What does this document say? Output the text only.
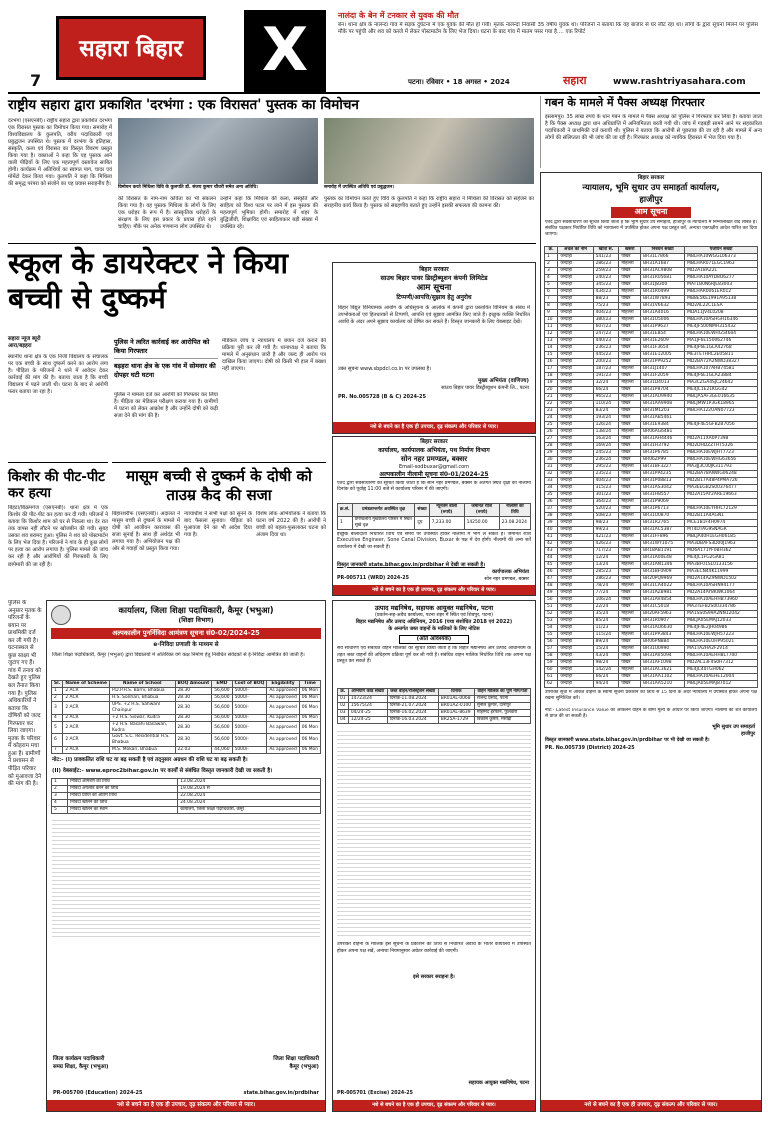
7
सहारा बिहार	X	नालंदा के बेन में टनकार से युवक की मौत
बेन। थाना क्षेत्र के नालन्दा गांव में सड़क दुर्घटना में एक युवक की मौत हो गयी। मृतक नालन्दा निवासी 35 वर्षीय युवक था। परिजनों ने बताया कि वह बाजार से घर लौट रहा था। लोगों के द्वारा सूचना मिलने पर पुलिस मौके पर पहुंची और शव को कब्जे में लेकर पोस्टमार्टम के लिए भेज दिया। घटना के बाद गांव में मातम पसर गया है.... एक रिपोर्ट
पटना। रविवार • 18 अगस्त • 2024	सहारा	www.rashtriyasahara.com
राष्ट्रीय सहारा द्वारा प्रकाशित 'दरभंगा : एक विरासत' पुस्तक का विमोचन
दरभंगा (एसएनबी)। राष्ट्रीय सहारा द्वारा प्रकाशित दरभंगा एक विरासत पुस्तक का विमोचन किया गया। समारोह में विश्वविद्यालय के कुलपति, वरीय पदाधिकारी एवं प्रबुद्धजन उपस्थित थे। पुस्तक में दरभंगा के इतिहास, संस्कृति, कला एवं विरासत का विस्तृत विवरण प्रस्तुत किया गया है। वक्ताओं ने कहा कि यह पुस्तक आने वाली पीढ़ियों के लिए एक महत्वपूर्ण दस्तावेज साबित होगी। कार्यक्रम में अतिथियों का स्वागत पाग, चादर एवं मोमेंटो देकर किया गया। कुलपति ने कहा कि मिथिला की समृद्ध परंपरा को संजोने का यह प्रयास सराहनीय है।
विमोचन करते मिथिला विवि के कुलपति डॉ. संजय कुमार चौधरी समेत अन्य अतिथि।	समारोह में उपस्थित अतिथि एवं प्रबुद्धजन।
की विरासत के नाम-नाम कविता का भी संकलन किया गया है। यह पुस्तक मिथिला के लोगों के लिए एक धरोहर के रूप में है। सांस्कृतिक धरोहरों के संरक्षण के लिए इस प्रकार के प्रयास होते रहने चाहिए। मौके पर अनेक गणमान्य लोग उपस्थित थे।
उन्होंने कहा कि मिथिला की कला, संस्कृति और साहित्य को विश्व पटल पर लाने में इस पुस्तक की महत्वपूर्ण भूमिका होगी। समारोह में शहर के बुद्धिजीवी, शिक्षाविद एवं साहित्यकार बड़ी संख्या में उपस्थित रहे।
पुस्तक का विमोचन करते हुए विवि के कुलपति ने कहा कि राष्ट्रीय सहारा ने मिथिला की विरासत को सहेजने का सराहनीय कार्य किया है। पुस्तक को संग्रहणीय बताते हुए उन्होंने इसकी सफलता की कामना की।
गबन के मामले में पैक्स अध्यक्ष गिरफ्तार
इस्लामपुर। 35 लाख रुपये के धान गबन के मामले में पैक्स अध्यक्ष को पुलिस ने गिरफ्तार कर लिया है। बताया जाता है कि पैक्स अध्यक्ष द्वारा धान अधिप्राप्ति में अनियमितता बरती गयी थी। जांच में गड़बड़ी सामने आने पर सहकारिता पदाधिकारी ने प्राथमिकी दर्ज करायी थी। पुलिस ने बताया कि आरोपी से पूछताछ की जा रही है और मामले में अन्य लोगों की संलिप्तता की भी जांच की जा रही है। गिरफ्तार अध्यक्ष को न्यायिक हिरासत में भेज दिया गया है।
स्कूल के डायरेक्टर ने किया बच्ची से दुष्कर्म
सहारा न्यूज ब्यूरो
आरा/बड़हरा
स्थानीय थाना क्षेत्र के एक निजी विद्यालय के संचालक पर एक बच्ची के साथ दुष्कर्म करने का आरोप लगा है। पीड़िता के परिजनों ने थाने में आवेदन देकर कार्रवाई की मांग की है। बताया जाता है कि बच्ची विद्यालय में पढ़ने जाती थी। घटना के बाद से आरोपी फरार बताया जा रहा है।
पुलिस ने त्वरित कार्रवाई कर आरोपित को किया गिरफ्तार
बड़हरा थाना क्षेत्र के एक गांव में सोमवार की दोपहर घटी घटना
पुलिस ने मामला दर्ज कर आरोपी को गिरफ्तार कर लिया है। पीड़िता का मेडिकल परीक्षण कराया गया है। ग्रामीणों में घटना को लेकर आक्रोश है और उन्होंने दोषी को कड़ी सजा देने की मांग की है।
मेडिकल जांच व न्यायालय में बयान दर्ज कराने की प्रक्रिया पूरी कर ली गयी है। थानाध्यक्ष ने बताया कि मामले में अनुसंधान जारी है और जल्द ही आरोप पत्र दाखिल किया जाएगा। दोषी को किसी भी हाल में बख्शा नहीं जाएगा।
किशोर की पीट-पीट कर हत्या
बिहटा/बिक्रमगंज (एसएनबी)। थाना क्षेत्र में एक किशोर की पीट-पीट कर हत्या कर दी गयी। परिजनों ने बताया कि किशोर शाम को घर से निकला था। देर रात तक वापस नहीं लौटने पर खोजबीन की गयी। सुबह उसका शव बरामद हुआ। पुलिस ने शव को पोस्टमार्टम के लिए भेज दिया है। परिजनों ने गांव के ही कुछ लोगों पर हत्या का आरोप लगाया है। पुलिस मामले की जांच कर रही है और आरोपियों की गिरफ्तारी के लिए छापेमारी की जा रही है।
मासूम बच्ची से दुष्कर्म के दोषी को ताउम्र कैद की सजा
बिहारशरीफ (एसएनबी)। अदालत ने मासूम बच्ची से दुष्कर्म के मामले में दोषी को आजीवन कारावास की सजा सुनाई है। साथ ही अर्थदंड भी लगाया गया है। अभियोजन पक्ष की ओर से गवाहों को प्रस्तुत किया गया।
न्यायाधीश ने सभी पक्षों को सुनने के बाद फैसला सुनाया। पीड़िता को मुआवजा देने का भी आदेश दिया गया है।
विशेष लोक अभियोजक ने बताया कि घटना वर्ष 2022 की है। आरोपी ने बच्ची को बहला-फुसलाकर घटना को अंजाम दिया था।
बिहार सरकार
साउथ बिहार पावर डिस्ट्रीब्यूशन कंपनी लिमिटेड
आम सूचना
टिप्पणी/आपत्ति/सुझाव हेतु अनुरोध
बिहार विद्युत विनियामक आयोग के अधिसूचना के आलोक में कंपनी द्वारा प्रस्तावित विनियम के संबंध में उपभोक्ताओं एवं हितधारकों से टिप्पणी, आपत्ति एवं सुझाव आमंत्रित किए जाते हैं। इच्छुक व्यक्ति निर्धारित अवधि के अंदर अपने सुझाव कार्यालय को प्रेषित कर सकते हैं। विस्तृत जानकारी के लिए वेबसाइट देखें।
उक्त सूचना www.sbpdcl.co.in पर उपलब्ध है।
मुख्य अभियंता (वाणिज्य)
साउथ बिहार पावर डिस्ट्रीब्यूशन कंपनी लि., पटना
PR. No.005728 (B & C) 2024-25
नशे से बचने का है एक ही उपचार, दृढ़ संकल्प और परिवार से प्यार।
बिहार सरकार
कार्यालय, कार्यपालक अभियंता, पथ निर्माण विभाग
सोन नहर प्रमण्डल, बक्सर
Email-sodbuxar@gmail.com
अल्पकालीन नीलामी सूचना सं0-01/2024-25
एतद द्वारा सर्वसाधारण को सूचित किया जाता है कि सोन नहर प्रमण्डल, बक्सर के अंतर्गत स्थित वृक्षों की नीलामी दिनांक को पूर्वाह्न 11:00 बजे से कार्यालय परिसर में की जाएगी।
क्र.सं.	प्रमंडलान्तर्गत अवस्थित वृक्ष	संख्या	न्यूनतम बोली (रुपये)	जमानत राशि (रुपये)	नीलामी की तिथि
1	प्रमण्डलीय मुख्यालय परिसर में स्थित सूखे वृक्ष	दूध	7,233.00	14250.00	23.08.2024
इच्छुक बोलीदाता निर्धारित तिथि एवं समय पर उपस्थित होकर नीलामी में भाग ले सकते हैं। जमानत राशि Executive Engineer, Sone Canal Division, Buxar के पक्ष में देय होगी। नीलामी की अन्य शर्तें कार्यालय में देखी जा सकती हैं।
विस्तृत जानकारी state.bihar.gov.in/prdbihar से देखी जा सकती है।
कार्यपालक अभियंता
PR-005711 (WRD) 2024-25	सोन नहर प्रमण्डल, बक्सर
नशे से बचने का है एक ही उपचार, दृढ़ संकल्प और परिवार से प्यार।
पुलिस के अनुसार मृतक के परिजनों के बयान पर प्राथमिकी दर्ज कर ली गयी है। घटनास्थल से कुछ साक्ष्य भी जुटाए गए हैं। गांव में तनाव को देखते हुए पुलिस बल तैनात किया गया है। पुलिस अधिकारियों ने बताया कि दोषियों को जल्द गिरफ्तार कर लिया जाएगा। मृतक के परिवार में कोहराम मचा हुआ है। ग्रामीणों ने प्रशासन से पीड़ित परिवार को मुआवजा देने की मांग की है।
कार्यालय, जिला शिक्षा पदाधिकारी, कैमूर (भभुआ)
(शिक्षा विभाग)
अल्पकालीन पुनर्निविदा आमंत्रण सूचना सं0-02/2024-25
e-निविदा प्रणाली के माध्यम से
जिला शिक्षा पदाधिकारी, कैमूर (भभुआ) द्वारा विद्यालयों में अतिरिक्त वर्ग कक्ष निर्माण हेतु निबंधित संवेदकों से ई-निविदा आमंत्रित की जाती है।
Sl.	Name of Scheme	Name of School	BOQ Amount	EMD	Cost of BOQ	Eligibility	Time
1	2 ACR	P.D.P.H.S. Barni, Bhabua	28.30	56,600	5000/-	As approved	06 Mon
2	2 ACR	H.S. Sonhari, Bhabua	28.30	56,600	5000/-	As approved	06 Mon
3	2 ACR	UPS. +2 H.S. Sahwanl Chainpur	28.30	56,600	5000/-	As approved	06 Mon
4	2 ACR	+2 H.S. Siswar, Kudra	28.30	56,600	5000/-	As approved	06 Mon
5	2 ACR	+2 H.S. Basahi Basawan, Kudra	28.30	56,600	5000/-	As approved	06 Mon
6	2 ACR	Govt. S.C. Residential H.S. Bhabua	28.30	56,600	5000/-	As approved	06 Mon
7	2 ACR	M.S. Mokari, Bhabua	22.03	44,060	5000/-	As approved	06 Mon
नोट:- (I) प्राक्कलित राशि घट या बढ़ सकती है एवं तद्नुसार अग्रधन की राशि घट या बढ़ सकती है।
(II) वेबसाईट:- www.eproc2bihar.gov.in पर कार्यों से संबंधित विस्तृत जानकारी देखी जा सकती है।
1	निविदा आमंत्रण की तिथि	13.08.2024
2	निविदा अपलोड करने की तिथि	19.08.2024 से
3	निविदा प्राप्ति की अंतिम तिथि	22.08.2024
4	निविदा खोलने की तिथि	24.08.2024
5	निविदा खोलने का स्थान	कार्यालय, जिला शिक्षा पदाधिकारी, कैमूर
जिला कार्यक्रम पदाधिकारी
समग्र शिक्षा, कैमूर (भभुआ)
जिला शिक्षा पदाधिकारी
कैमूर (भभुआ)
PR-005700 (Education) 2024-25	state.bihar.gov.in/prdbihar
नशे से बचने का है एक ही उपचार, दृढ़ संकल्प और परिवार से प्यार।
उत्पाद मद्यनिषेध, सहायक आयुक्त मद्यनिषेध, पटना
(प्रवर्तन-सह-अवैध कार्यालय, पटना शहर में स्थित एवं शिवपुर, पटना)
बिहार मद्यनिषेध और उत्पाद अधिनियम, 2016 (यथा संशोधित 2018 एवं 2022)
के अन्तर्गत जब्त वाहनों के मालिकों के लिए नोटिस
(अति आवश्यक)
सर्व साधारण एवं संबंधित वाहन मालिकों को सूचित किया जाता है कि बिहार मद्यनिषेध और उत्पाद अधिनियम के तहत जब्त वाहनों की अधिहरण प्रक्रिया पूर्ण कर ली गयी है। संबंधित वाहन मालिक निर्धारित तिथि तक अपना पक्ष प्रस्तुत कर सकते हैं।
क्र.	अभियोग कांड संख्या	जब्त वाहन/रजिस्ट्रेशन संख्या	दिनांक	वाहन मालिक का पूर्ण नाम/पता
01	14723/24	दिनांक-11.08.2024	BR01AL-0068	राजेन्द्र प्रसाद, पटना
02	15675/24	दिनांक-21.07.2024	BR01AZ-0100	सुनील कुमार, दानापुर
03	04/24-25	दिनांक-16.02.2024	BR01AL-8639	मोहम्मद इरफान, फुलवारी
04	12/24-25	दिनांक-16.03.2024	BR25A-1729	विकास कुमार, मसौढ़ी
उपरोक्त वाहनों के मालिक इस सूचना के प्रकाशन की तिथि से निर्धारित अवधि के भीतर कार्यालय में उपस्थित होकर अपना पक्ष रखें, अन्यथा नियमानुसार अग्रेतर कार्रवाई की जाएगी।
इसे सरकार सराहना है।
सहायक आयुक्त मद्यनिषेध, पटना
PR-005701 (Excise) 2024-25
नशे से बचने का है एक ही उपचार, दृढ़ संकल्प और परिवार से प्यार।
बिहार सरकार
न्यायालय, भूमि सुधार उप समाहर्ता कार्यालय,
हाजीपुर
आम सूचना
एतद द्वारा सर्वसाधारण को सूचित किया जाता है कि भूमि सुधार उप समाहर्ता, हाजीपुर के न्यायालय में निम्नलिखित वाद लंबित हैं। संबंधित पक्षकार निर्धारित तिथि को न्यायालय में उपस्थित होकर अपना पक्ष प्रस्तुत करें, अन्यथा एकपक्षीय आदेश पारित कर दिया जाएगा।
क्र.	अंचल का नाम	खाता सं.	खेसरा	निबंधन संख्या	पंजीयन संख्या
1	जन्दाहा	541/23	पोखर	BR31L7866	MBLHA10WGGL06373
2	जन्दाहा	286/23	मोहल्ला	BR31A1687	MBLHAR071EGC1963
3	जन्दाहा	259/23	पोखर	BR31AC9808	MD2A18AZ2L
4	जन्दाहा	240/23	पोखर	BR31R05681	MBLHA10AYD8O6277
5	जन्दाहा	345/23	पोखर	BR31J8300	MAT1B0N6RJE83003
6	जन्दाहा	434/23	मोहल्ला	BR31R0499	MBLHAR0061ER012
7	जन्दाहा	88/23	पोखर	BR31W7893	MB8E5KE1991A95138
8	जन्दाहा	75/23	पोखर	BR31V6632	MD2AL22C1ESA
9	जन्दाहा	404/23	मोहल्ला	BR31A4016	MDA11JV4L0208
10	जन्दाहा	380/23	मोहल्ला	BR31U5006	MBLHA10ASHGH16346
11	जन्दाहा	607/23	पोखर	BR31P9637	ME4JF500NMH315432
12	जन्दाहा	247/23	मोहल्ला	BR31E854	MBLHA10EWHG54604
13	जन्दाहा	440/23	पोखर	BR31E2609	MA1JF6E150062746
14	जन्दाहा	236/23	पोखर	BR31F3654	ME4JF6E1GLA42768
15	जन्दाहा	445/23	पोखर	BR31E12005	ME3TETHRC2E05811
16	जन्दाहा	200/23	पोखर	BR31PP9252	MD2BA72A2NWD38327
17	जन्दाहा	187/23	मोहल्ला	BR31J1407	MBLHA107AHB74581
18	जन्दाहा	191/23	पोखर	BR31F2059	ME4JF6E1GLA23884
19	जन्दाहा	32/24	मोहल्ला	BR31D4013	MA3CZGA4SJC24642
20	जन्दाहा	66/24	पोखर	BR31P8704	ME4JC1E21KGG42
21	जन्दाहा	965/23	मोहल्ला	BR31AU9940	MBLJA5AF3GE016635
22	जन्दाहा	110/24	पोखर	BR31AA9908	MBLJMW1P3GK18965
23	जन्दाहा	83/24	पोखर	BR31ML203	MBLHA122UAN07723
24	जन्दाहा	193/24	पोखर	BR31AB5461	
25	जन्दाहा	126/24	पोखर	BR31E9384	ME4JF4E5GFB2B7056
26	जन्दाहा	138/24	मोहल्ला	BR06AG6481	
27	जन्दाहा	163/24	पोखर	BR31AH4446	MD2A11XA0P7398
28	जन्दाहा	169/24	पोखर	BR31H3792	MD2DHDZZTHT5326
29	जन्दाहा	245/23	पोखर	BR31P6785	MBLHA10EWJHT7723
30	जन्दाहा	236/24	पोखर	BR06ZP99	MBLHA10EWHG63656
31	जन्दाहा	295/23	मोहल्ला	BR31BF3227	MA3JJ3C00JK311793
32	जन्दाहा	235/23	पोखर	BR31PP4235	MD2BA78ANWG06248
33	जन्दाहा	404/23	पोखर	BR31P08813	MD2B17A48P4PMA726
34	जन्दाहा	315/23	पोखर	BR31AS3042	MA3EEGB2S00376477
35	जन्दाहा	301/23	पोखर	BR31H8557	MD2A15AY2ARE19663
36	जन्दाहा	364/23	मोहल्ला	BR31P9069	
37	जन्दाहा	520/23	पोखर	BR31P6713	MBLHA10EYHHL72129
38	जन्दाहा	508/23	मोहल्ला	BR31U0870	MD2B11A4AGN1
39	जन्दाहा	98/23	पोखर	BR31R2765	MCE1B1F4H0974
40	जन्दाहा	99/23	पोखर	BR31AC5387	MT4DTAG9SNAGR
41	जन्दाहा	421/23	मोहल्ला	BR31FF896	MBLJA40H1EGH06185
42	जन्दाहा	426/23	पोखर	BR31WY1075	MA3DBAFS3D00J1963
43	जन्दाहा	717/23	पोखर	BR18AB1191	MD6A171YF0BH362
44	जन्दाहा	12/24	पोखर	BR31A00E48	ME4JC1FG2GA81
45	जन्दाहा	13/24	मोहल्ला	BR31AN1346	MA3BF01SL0133156
46	जन्दाहा	285/23	पोखर	BR31BF0909	MA3ECN44K11999
47	जन्दाहा	286/23	पोखर	BR20PQ9969	MD2A14AZ9NWD1502
48	जन्दाहा	78/24	मोहल्ला	BR31CA4022	MBLHA10ASHN94177
49	जन्दाहा	77/24	पोखर	BR31AZ8981	MD2A14AY8KWK1064
50	जन्दाहा	106/24	पोखर	BR31AV4854	MBLHA10AEHHB73960
51	जन्दाहा	22/24	पोखर	BR31C5018	MA3TEFB2S00334786
52	जन्दाहा	35/24	मोहल्ला	BR20AF5963	MA1SS0S99A2NN12042
53	जन्दाहा	85/24	पोखर	BR31R0907	MBLJA05EMAJ12033
54	जन्दाहा	11/23	पोखर	BR31AU6630	ME4JF4E2JH04986
55	जन्दाहा	115/24	मोहल्ला	BR31PP3843	MBLHA10EWJH57223
56	जन्दाहा	89/24	पोखर	BR06PN884	MBLHA10EUHP95021
57	जन्दाहा	15/24	मोहल्ला	BR31U0990	MA1TA2HA2F2V14
58	जन्दाहा	43/24	पोखर	BR31AV5094	MBLHA10AEHH8L7700
59	जन्दाहा	98/24	पोखर	BR31AF1098	MD2AL13F4S0H7312
60	जन्दाहा	142/24	मोहल्ला	BR31AC3621	ME4JC40TGH062
61	जन्दाहा	66/24	पोखर	BR31AA1102	MBLHA10AEHE12004
62	जन्दाहा	94/24	पोखर	BR31AA5210	MBLJA05EMAJ87012
उपरोक्त सूची में अंकित वाहनों के स्वामी सूचना प्रकाशन की तिथि से 15 दिनों के अंदर न्यायालय में उपस्थित होकर अपना पक्ष रखना सुनिश्चित करें।
नोट:- Latest Insurance Value का आकलन वाहन के बीमा मूल्य के आधार पर किया जाएगा। नीलामी की शर्तें कार्यालय से प्राप्त की जा सकती हैं।
भूमि सुधार उप समाहर्ता
हाजीपुर
विस्तृत जानकारी www.state.bihar.gov.in/prdbihar पर भी देखी जा सकती है।
PR. No.005739 (District) 2024-25
नशे से बचने का है एक ही उपचार, दृढ़ संकल्प और परिवार से प्यार।
